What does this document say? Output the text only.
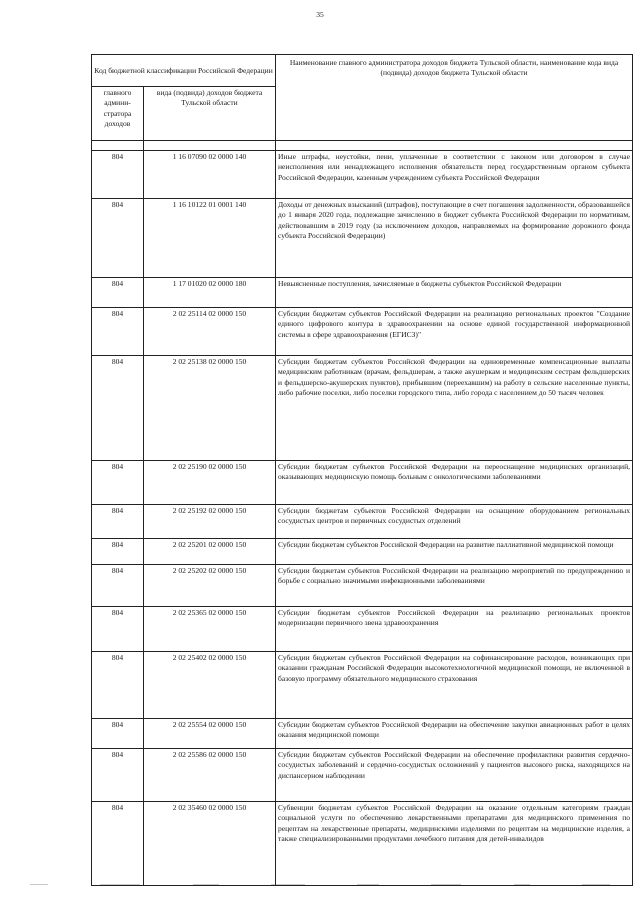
35
Код бюджетной классификации Российской Федерации		Наименование главного администратора доходов бюджета Тульской области, наименование кода вида (подвида) доходов бюджета Тульской области
главного админи-стратора доходов	вида (подвида) доходов бюджета Тульской области	

804	1 16 07090 02 0000 140	Иные штрафы, неустойки, пени, уплаченные в соответствии с законом или договором в случае неисполнения или ненадлежащего исполнения обязательств перед государственным органом субъекта Российской Федерации, казенным учреждением субъекта Российской Федерации
804	1 16 10122 01 0001 140	Доходы от денежных взысканий (штрафов), поступающие в счет погашения задолженности, образовавшейся до 1 января 2020 года, подлежащие зачислению в бюджет субъекта Российской Федерации по нормативам, действовавшим в 2019 году (за исключением доходов, направляемых на формирование дорожного фонда субъекта Российской Федерации)
804	1 17 01020 02 0000 180	Невыясненные поступления, зачисляемые в бюджеты субъектов Российской Федерации
804	2 02 25114 02 0000 150	Субсидии бюджетам субъектов Российской Федерации на реализацию региональных проектов "Создание единого цифрового контура в здравоохранении на основе единой государственной информационной системы в сфере здравоохранения (ЕГИСЗ)"
804	2 02 25138 02 0000 150	Субсидии бюджетам субъектов Российской Федерации на единовременные компенсационные выплаты медицинским работникам (врачам, фельдшерам, а также акушеркам и медицинским сестрам фельдшерских и фельдшерско-акушерских пунктов), прибывшим (переехавшим) на работу в сельские населенные пункты, либо рабочие поселки, либо поселки городского типа, либо города с населением до 50 тысяч человек
804	2 02 25190 02 0000 150	Субсидии бюджетам субъектов Российской Федерации на переоснащение медицинских организаций, оказывающих медицинскую помощь больным с онкологическими заболеваниями
804	2 02 25192 02 0000 150	Субсидии бюджетам субъектов Российской Федерации на оснащение оборудованием региональных сосудистых центров и первичных сосудистых отделений
804	2 02 25201 02 0000 150	Субсидии бюджетам субъектов Российской Федерации на развитие паллиативной медицинской помощи
804	2 02 25202 02 0000 150	Субсидии бюджетам субъектов Российской Федерации на реализацию мероприятий по предупреждению и борьбе с социально значимыми инфекционными заболеваниями
804	2 02 25365 02 0000 150	Субсидии бюджетам субъектов Российской Федерации на реализацию региональных проектов модернизации первичного звена здравоохранения
804	2 02 25402 02 0000 150	Субсидии бюджетам субъектов Российской Федерации на софинансирование расходов, возникающих при оказании гражданам Российской Федерации высокотехнологичной медицинской помощи, не включенной в базовую программу обязательного медицинского страхования
804	2 02 25554 02 0000 150	Субсидии бюджетам субъектов Российской Федерации на обеспечение закупки авиационных работ в целях оказания медицинской помощи
804	2 02 25586 02 0000 150	Субсидии бюджетам субъектов Российской Федерации на обеспечение профилактики развития сердечно-сосудистых заболеваний и сердечно-сосудистых осложнений у пациентов высокого риска, находящихся на диспансерном наблюдении
804	2 02 35460 02 0000 150	Субвенции бюджетам субъектов Российской Федерации на оказание отдельным категориям граждан социальной услуги по обеспечению лекарственными препаратами для медицинского применения по рецептам на лекарственные препараты, медицинскими изделиями по рецептам на медицинские изделия, а также специализированными продуктами лечебного питания для детей-инвалидов
